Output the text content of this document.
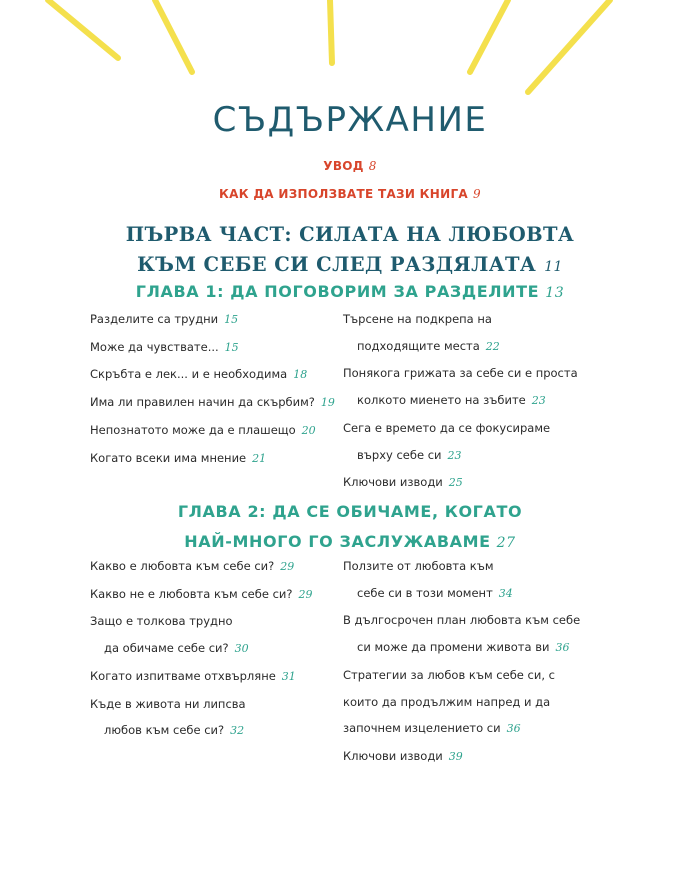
СЪДЪРЖАНИЕ
УВОД 8
КАК ДА ИЗПОЛЗВАТЕ ТАЗИ КНИГА 9
ПЪРВА ЧАСТ: СИЛАТА НА ЛЮБОВТА
КЪМ СЕБЕ СИ СЛЕД РАЗДЯЛАТА 11
ГЛАВА 1: ДА ПОГОВОРИМ ЗА РАЗДЕЛИТЕ 13
Разделите са трудни 15
Може да чувствате... 15
Скръбта е лек... и е необходима 18
Има ли правилен начин да скърбим? 19
Непознатото може да е плашещо 20
Когато всеки има мнение 21
Търсене на подкрепа на
подходящите места 22
Понякога грижата за себе си е проста
колкото миенето на зъбите 23
Сега е времето да се фокусираме
върху себе си 23
Ключови изводи 25
ГЛАВА 2: ДА СЕ ОБИЧАМЕ, КОГАТО
НАЙ-МНОГО ГО ЗАСЛУЖАВАМЕ 27
Какво е любовта към себе си? 29
Какво не е любовта към себе си? 29
Защо е толкова трудно
да обичаме себе си? 30
Когато изпитваме отхвърляне 31
Къде в живота ни липсва
любов към себе си? 32
Ползите от любовта към
себе си в този момент 34
В дългосрочен план любовта към себе
си може да промени живота ви 36
Стратегии за любов към себе си, с
които да продължим напред и да
започнем изцелението си 36
Ключови изводи 39
